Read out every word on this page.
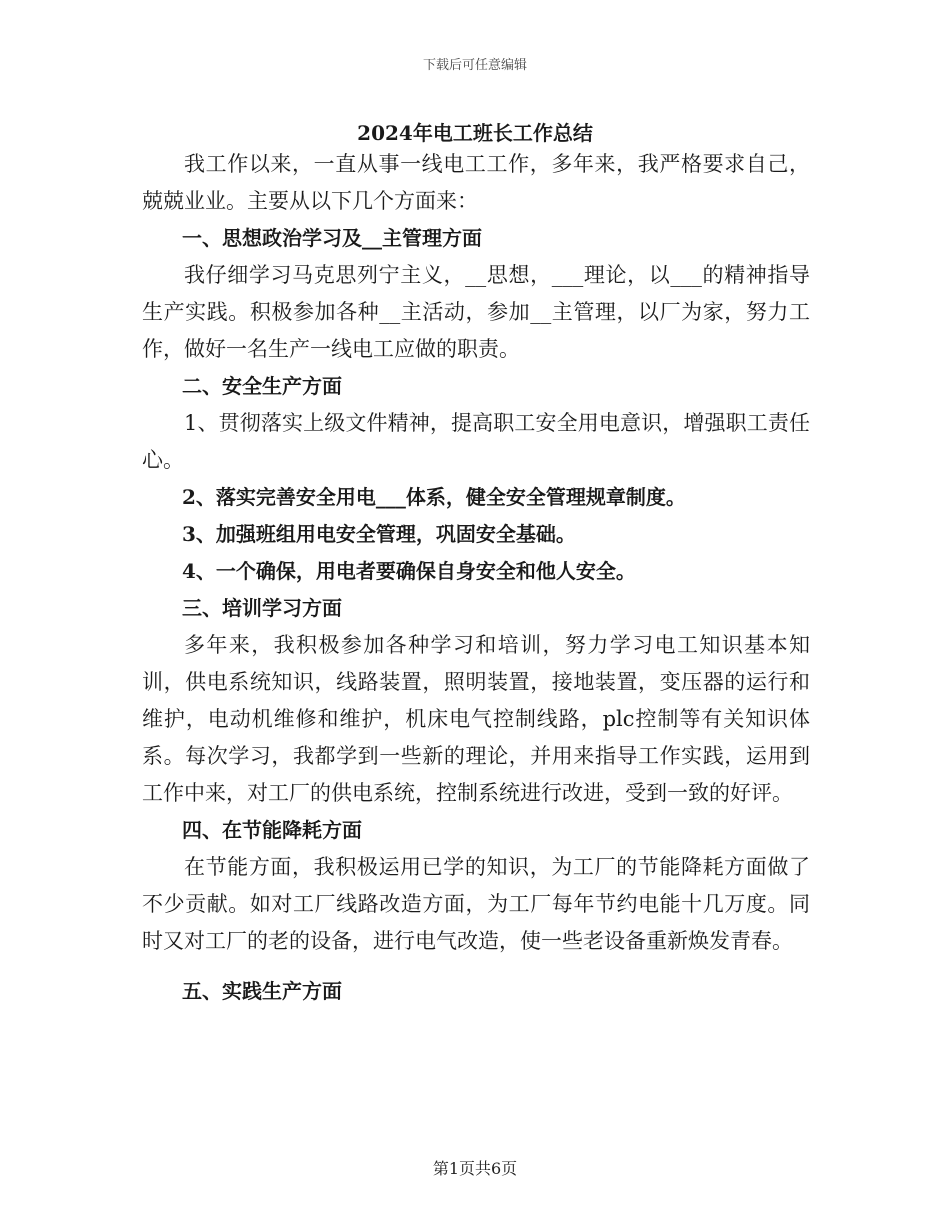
下载后可任意编辑
2024年电工班长工作总结

我工作以来，一直从事一线电工工作，多年来，我严格要求自己，兢兢业业。主要从以下几个方面来：

一、思想政治学习及__主管理方面

我仔细学习马克思列宁主义，__思想，___理论，以___的精神指导生产实践。积极参加各种__主活动，参加__主管理，以厂为家，努力工作，做好一名生产一线电工应做的职责。

二、安全生产方面

1、贯彻落实上级文件精神，提高职工安全用电意识，增强职工责任心。

2、落实完善安全用电___体系，健全安全管理规章制度。

3、加强班组用电安全管理，巩固安全基础。

4、一个确保，用电者要确保自身安全和他人安全。

三、培训学习方面

多年来，我积极参加各种学习和培训，努力学习电工知识基本知训，供电系统知识，线路装置，照明装置，接地装置，变压器的运行和维护，电动机维修和维护，机床电气控制线路，plc控制等有关知识体系。每次学习，我都学到一些新的理论，并用来指导工作实践，运用到工作中来，对工厂的供电系统，控制系统进行改进，受到一致的好评。

四、在节能降耗方面

在节能方面，我积极运用已学的知识，为工厂的节能降耗方面做了不少贡献。如对工厂线路改造方面，为工厂每年节约电能十几万度。同时又对工厂的老的设备，进行电气改造，使一些老设备重新焕发青春。

五、实践生产方面

第1页共6页
